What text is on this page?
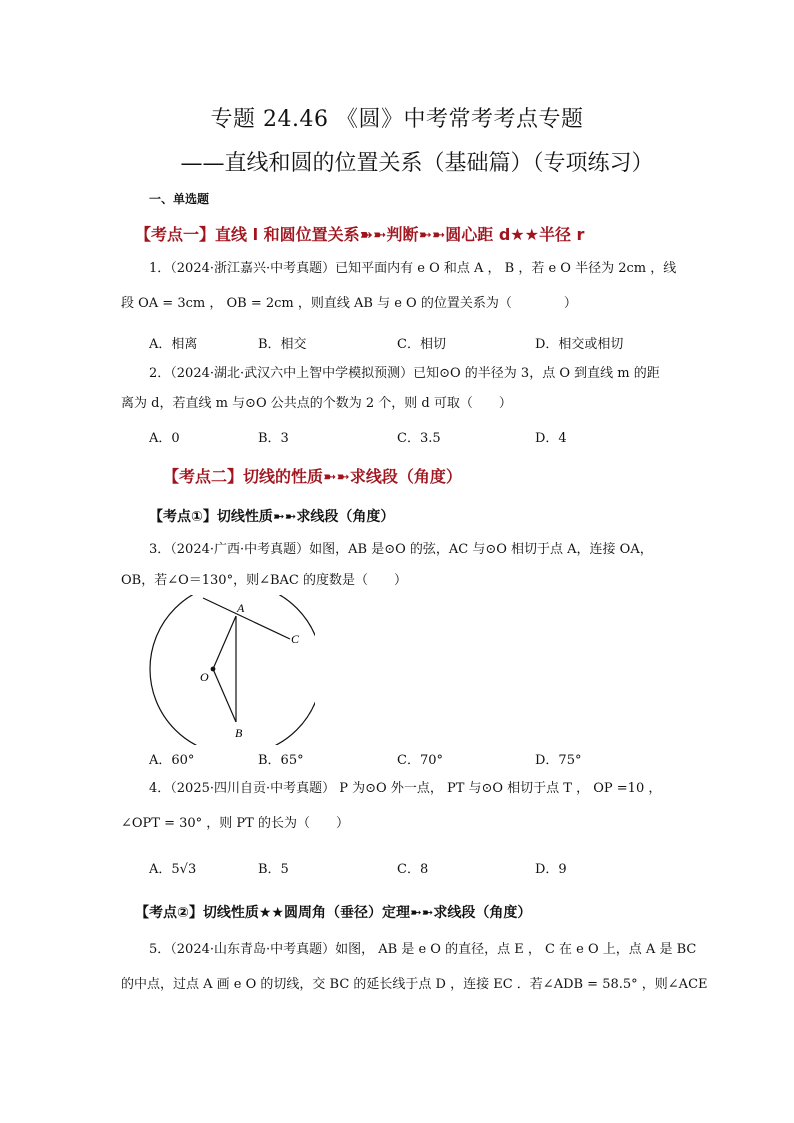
专题 24.46 《圆》中考常考考点专题
——直线和圆的位置关系（基础篇）（专项练习）
一、单选题
【考点一】直线 l 和圆位置关系➽➼判断➼➼圆心距 d★★半径 r
1．（2024·浙江嘉兴·中考真题）已知平面内有 e O 和点 A ， B ，若 e O 半径为 2cm ，线
段 OA = 3cm ， OB = 2cm ，则直线 AB 与 e O 的位置关系为（　　　　）
A．相离	B．相交	C．相切	D．相交或相切
2．（2024·湖北·武汉六中上智中学模拟预测）已知⊙O 的半径为 3，点 O 到直线 m 的距
离为 d，若直线 m 与⊙O 公共点的个数为 2 个，则 d 可取（　　）
A．0	B．3	C．3.5	D．4
【考点二】切线的性质➼➼求线段（角度）
【考点①】切线性质➼➼求线段（角度）
3．（2024·广西·中考真题）如图，AB 是⊙O 的弦，AC 与⊙O 相切于点 A，连接 OA，
OB，若∠O＝130°，则∠BAC 的度数是（　　）
A
C
O
B
A．60°	B．65°	C．70°	D．75°
4．（2025·四川自贡·中考真题） P 为⊙O 外一点， PT 与⊙O 相切于点 T ， OP =10 ，
∠OPT = 30° ，则 PT 的长为（　　）
A．5√3	B．5	C．8	D．9
【考点②】切线性质★★圆周角（垂径）定理➼➼求线段（角度）
5．（2024·山东青岛·中考真题）如图， AB 是 e O 的直径，点 E ， C 在 e O 上，点 A 是 BC
的中点，过点 A 画 e O 的切线，交 BC 的延长线于点 D ，连接 EC ．若∠ADB = 58.5° ，则∠ACE
